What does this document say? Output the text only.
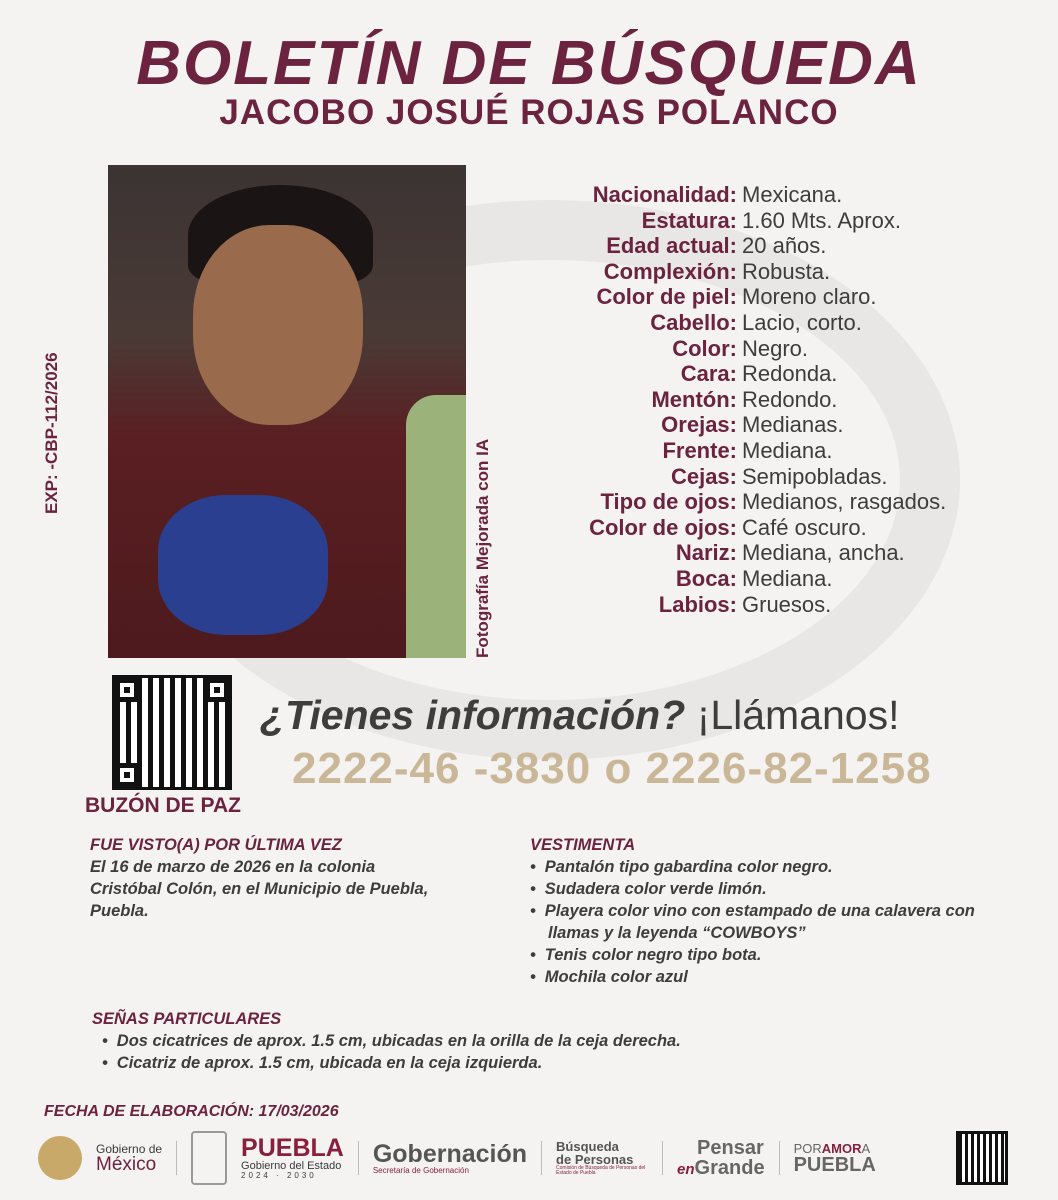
BOLETÍN DE BÚSQUEDA
JACOBO JOSUÉ ROJAS POLANCO
EXP: -CBP-112/2026
Fotografía Mejorada con IA
Nacionalidad: Mexicana.
Estatura: 1.60 Mts. Aprox.
Edad actual: 20 años.
Complexión: Robusta.
Color de piel: Moreno claro.
Cabello: Lacio, corto.
Color: Negro.
Cara: Redonda.
Mentón: Redondo.
Orejas: Medianas.
Frente: Mediana.
Cejas: Semipobladas.
Tipo de ojos: Medianos, rasgados.
Color de ojos: Café oscuro.
Nariz: Mediana, ancha.
Boca: Mediana.
Labios: Gruesos.
BUZÓN DE PAZ
¿Tienes información? ¡Llámanos!
2222-46 -3830 o 2226-82-1258
FUE VISTO(A) POR ÚLTIMA VEZ

El 16 de marzo de 2026 en la colonia Cristóbal Colón, en el Municipio de Puebla, Puebla.

VESTIMENTA
• Pantalón tipo gabardina color negro.
• Sudadera color verde limón.
• Playera color vino con estampado de una calavera con llamas y la leyenda “COWBOYS”
• Tenis color negro tipo bota.
• Mochila color azul
SEÑAS PARTICULARES
• Dos cicatrices de aprox. 1.5 cm, ubicadas en la orilla de la ceja derecha.
• Cicatriz de aprox. 1.5 cm, ubicada en la ceja izquierda.
FECHA DE ELABORACIÓN: 17/03/2026
Gobierno de
México
PUEBLA
Gobierno del Estado
2024 · 2030
Gobernación
Secretaría de Gobernación
Búsqueda
de Personas
Comisión de Búsqueda de Personas del Estado de Puebla
Pensar
enGrande
PORAMORA
PUEBLA
